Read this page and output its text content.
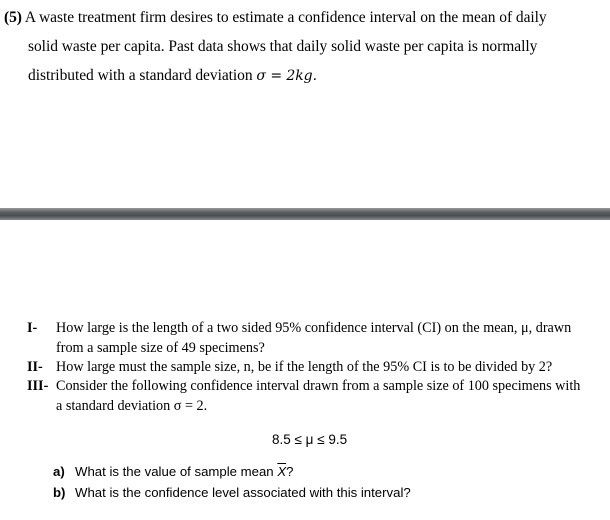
(5) A waste treatment firm desires to estimate a confidence interval on the mean of daily
solid waste per capita. Past data shows that daily solid waste per capita is normally
distributed with a standard deviation σ = 2kg.
I- How large is the length of a two sided 95% confidence interval (CI) on the mean, μ, drawn
from a sample size of 49 specimens?
II- How large must the sample size, n, be if the length of the 95% CI is to be divided by 2?
III- Consider the following confidence interval drawn from a sample size of 100 specimens with
a standard deviation σ = 2.
8.5 ≤ μ ≤ 9.5
a) What is the value of sample mean $\overline{X}$?
b) What is the confidence level associated with this interval?
